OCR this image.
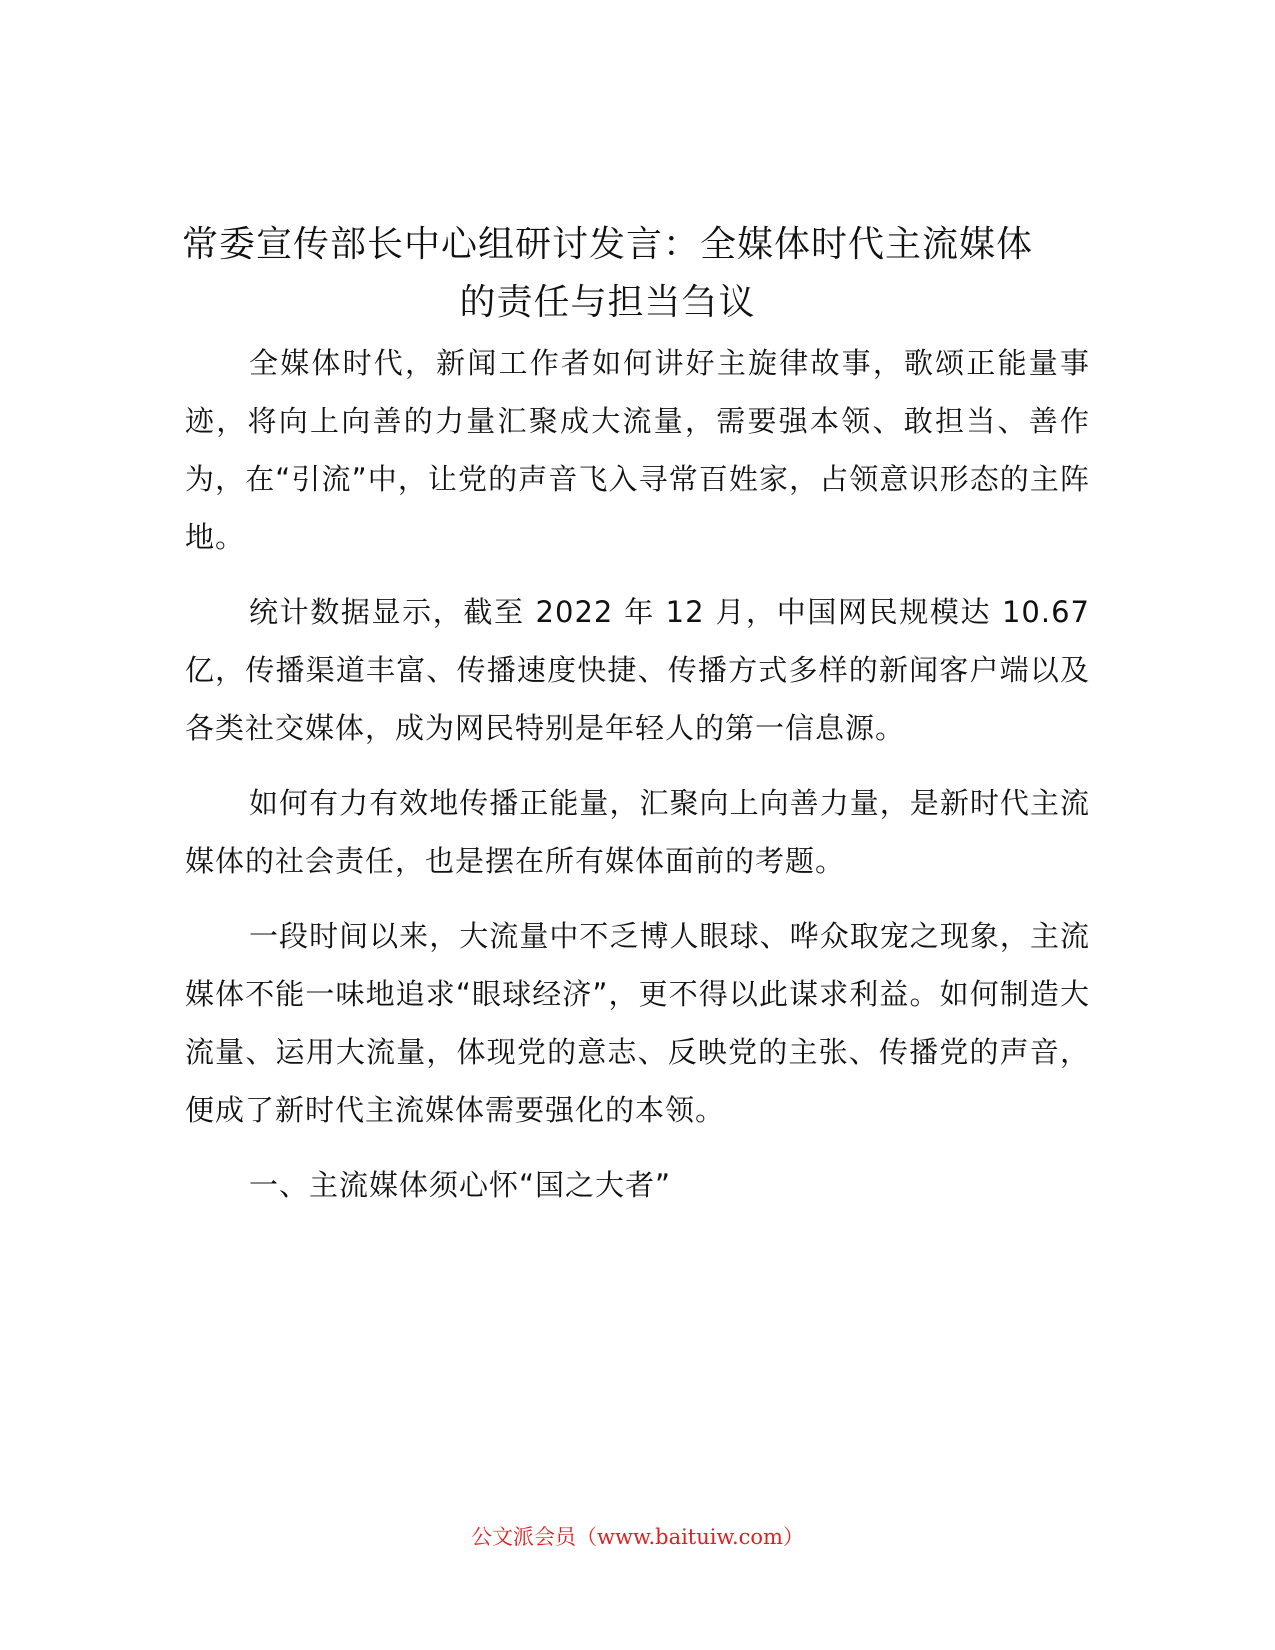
常委宣传部长中心组研讨发言：全媒体时代主流媒体的责任与担当刍议

全媒体时代，新闻工作者如何讲好主旋律故事，歌颂正能量事迹，将向上向善的力量汇聚成大流量，需要强本领、敢担当、善作为，在“引流”中，让党的声音飞入寻常百姓家，占领意识形态的主阵地。

统计数据显示，截至 2022 年 12 月，中国网民规模达 10.67 亿，传播渠道丰富、传播速度快捷、传播方式多样的新闻客户端以及各类社交媒体，成为网民特别是年轻人的第一信息源。

如何有力有效地传播正能量，汇聚向上向善力量，是新时代主流媒体的社会责任，也是摆在所有媒体面前的考题。

一段时间以来，大流量中不乏博人眼球、哗众取宠之现象，主流媒体不能一味地追求“眼球经济”，更不得以此谋求利益。如何制造大流量、运用大流量，体现党的意志、反映党的主张、传播党的声音，便成了新时代主流媒体需要强化的本领。

一、主流媒体须心怀“国之大者”

公文派会员（www.baituiw.com）
